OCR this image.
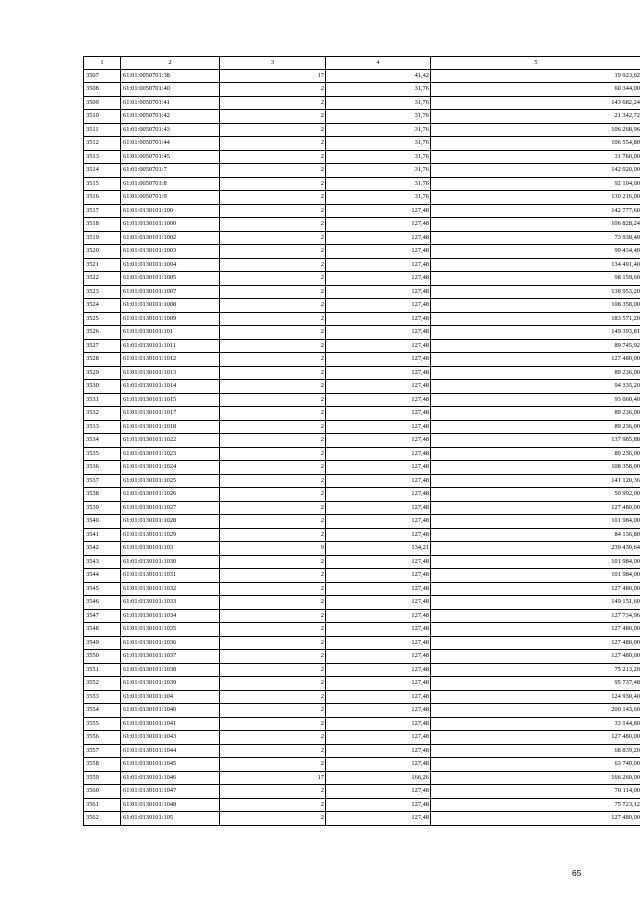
1	2	3	4	5
3507	61:01:0050701:38	17	41,42	19 923,02
3508	61:01:0050701:40	2	31,76	60 344,00
3509	61:01:0050701:41	2	31,76	143 682,24
3510	61:01:0050701:42	2	31,76	21 342,72
3511	61:01:0050701:43	2	31,76	106 268,96
3512	61:01:0050701:44	2	31,76	106 554,80
3513	61:01:0050701:45	2	31,76	31 760,00
3514	61:01:0050701:7	2	31,76	142 920,00
3515	61:01:0050701:8	2	31,76	92 104,00
3516	61:01:0050701:9	2	31,76	130 216,00
3517	61:01:0130101:100	2	127,48	142 777,60
3518	61:01:0130101:1000	2	127,48	106 828,24
3519	61:01:0130101:1002	2	127,48	73 938,40
3520	61:01:0130101:1003	2	127,48	99 434,40
3521	61:01:0130101:1004	2	127,48	134 491,40
3522	61:01:0130101:1005	2	127,48	98 159,60
3523	61:01:0130101:1007	2	127,48	138 953,20
3524	61:01:0130101:1008	2	127,48	108 358,00
3525	61:01:0130101:1009	2	127,48	183 571,20
3526	61:01:0130101:101	2	127,48	149 393,81
3527	61:01:0130101:1011	2	127,48	89 745,92
3528	61:01:0130101:1012	2	127,48	127 480,00
3529	61:01:0130101:1013	2	127,48	89 236,00
3530	61:01:0130101:1014	2	127,48	94 335,20
3531	61:01:0130101:1015	2	127,48	93 060,40
3532	61:01:0130101:1017	2	127,48	89 236,00
3533	61:01:0130101:1018	2	127,48	89 236,00
3534	61:01:0130101:1022	2	127,48	137 985,88
3535	61:01:0130101:1023	2	127,48	89 236,00
3536	61:01:0130101:1024	2	127,48	108 358,00
3537	61:01:0130101:1025	2	127,48	141 120,36
3538	61:01:0130101:1026	2	127,48	50 992,00
3539	61:01:0130101:1027	2	127,48	127 480,00
3540	61:01:0130101:1028	2	127,48	101 984,00
3541	61:01:0130101:1029	2	127,48	84 136,80
3542	61:01:0130101:103	9	134,21	239 430,64
3543	61:01:0130101:1030	2	127,48	101 984,00
3544	61:01:0130101:1031	2	127,48	101 984,00
3545	61:01:0130101:1032	2	127,48	127 480,00
3546	61:01:0130101:1033	2	127,48	149 151,60
3547	61:01:0130101:1034	2	127,48	127 734,96
3548	61:01:0130101:1035	2	127,48	127 480,00
3549	61:01:0130101:1036	2	127,48	127 480,00
3550	61:01:0130101:1037	2	127,48	127 480,00
3551	61:01:0130101:1038	2	127,48	75 213,20
3552	61:01:0130101:1039	2	127,48	95 737,48
3553	61:01:0130101:104	2	127,48	124 930,40
3554	61:01:0130101:1040	2	127,48	200 143,60
3555	61:01:0130101:1041	2	127,48	33 144,80
3556	61:01:0130101:1043	2	127,48	127 480,00
3557	61:01:0130101:1044	2	127,48	68 839,20
3558	61:01:0130101:1045	2	127,48	63 740,00
3559	61:01:0130101:1046	17	166,26	166 260,00
3560	61:01:0130101:1047	2	127,48	70 114,00
3561	61:01:0130101:1048	2	127,48	75 723,12
3562	61:01:0130101:105	2	127,48	127 480,00
65
